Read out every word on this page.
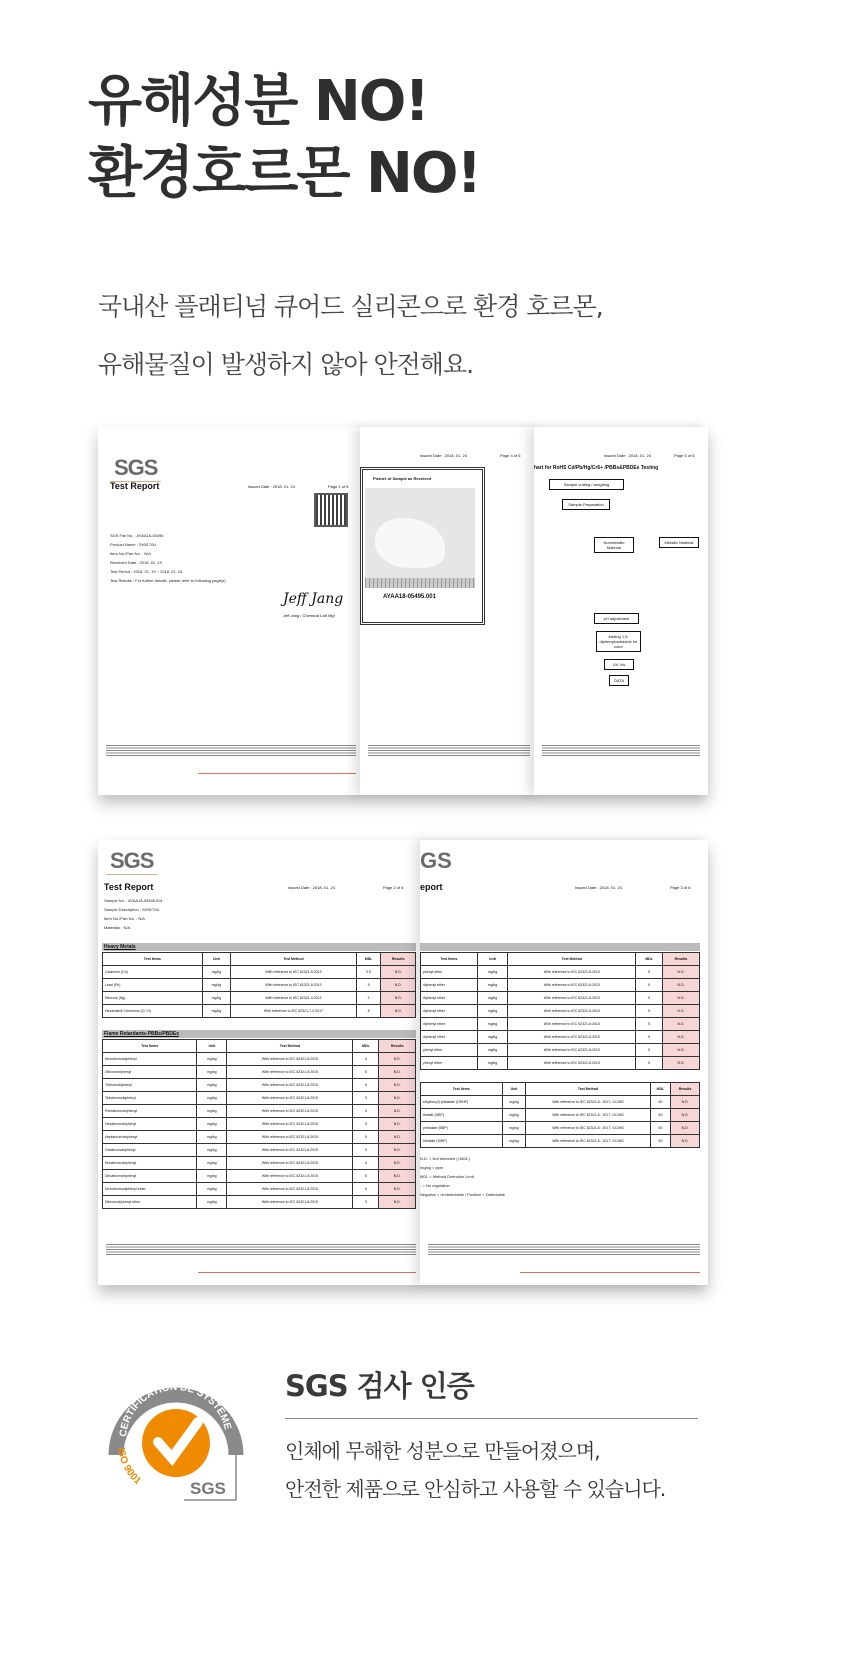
유해성분 NO!
환경호르몬 NO!
국내산 플래티넘 큐어드 실리콘으로 환경 호르몬,
유해물질이 발생하지 않아 안전해요.
SGS
Test Report	Issued Date : 2018. 01. 24	Page 1 of 6
SGS File No. : AYAA18-05495
Product Name : SH5170U
Item No./Part No. : N/A
Received Date : 2018. 01. 19
Test Period : 2018. 01. 19 ~ 2018. 01. 24
Test Results : For further details, please refer to following page(s)
Jeff Jang
Jeff Jang / Chemical Lab Mgr
Issued Date : 2018. 01. 24	Page 4 of 6
Picture of Sample as Received
AYAA18-05495.001
Issued Date : 2018. 01. 24	Page 5 of 6
hart for RoHS Cd/Pb/Hg/Cr6+ /PBBs&PBDEs Testing
Sample cutting / weighing
Sample Preparation
Nonmetallic Material
Metallic Material
pH adjustment
Adding 1,5-diphenylcarbazide for color
UV-Vis
DATA
SGS
Test Report	Issued Date : 2018. 01. 24	Page 2 of 6
Sample No. : AYAA18-05495.001
Sample Description : SH5170U
Item No./Part No. : N/A
Materials : N/A
Heavy Metals
Test Items	Unit	Test Method	MDL	Results
Cadmium (Cd)	mg/kg	With reference to IEC 62321-5:2013	0.5	N.D.
Lead (Pb)	mg/kg	With reference to IEC 62321-5:2013	5	N.D.
Mercury (Hg)	mg/kg	With reference to IEC 62321-4:2013	2	N.D.
Hexavalent Chromium (Cr VI)	mg/kg	With reference to IEC 62321-7-2:2017	8	N.D.
Flame Retardants-PBBs/PBDEs
Test Items	Unit	Test Method	MDL	Results
Monobromobiphenyl	mg/kg	With reference to IEC 62321-6:2015	5	N.D.
Dibromobiphenyl	mg/kg	With reference to IEC 62321-6:2015	5	N.D.
Tribromobiphenyl	mg/kg	With reference to IEC 62321-6:2015	5	N.D.
Tetrabromobiphenyl	mg/kg	With reference to IEC 62321-6:2015	5	N.D.
Pentabromobiphenyl	mg/kg	With reference to IEC 62321-6:2015	5	N.D.
Hexabromobiphenyl	mg/kg	With reference to IEC 62321-6:2015	5	N.D.
Heptabromobiphenyl	mg/kg	With reference to IEC 62321-6:2015	5	N.D.
Octabromobiphenyl	mg/kg	With reference to IEC 62321-6:2015	5	N.D.
Nonabromobiphenyl	mg/kg	With reference to IEC 62321-6:2015	5	N.D.
Decabromobiphenyl	mg/kg	With reference to IEC 62321-6:2015	5	N.D.
Monobromodiphenyl ether	mg/kg	With reference to IEC 62321-6:2015	5	N.D.
Dibromodiphenyl ether	mg/kg	With reference to IEC 62321-6:2015	5	N.D.
GS
eport	Issued Date : 2018. 01. 24	Page 3 of 6
Test Items	Unit	Test Method	MDL	Results
phenyl ether	mg/kg	With reference to IEC 62321-6:2015	5	N.D.
diphenyl ether	mg/kg	With reference to IEC 62321-6:2015	5	N.D.
diphenyl ether	mg/kg	With reference to IEC 62321-6:2015	5	N.D.
diphenyl ether	mg/kg	With reference to IEC 62321-6:2015	5	N.D.
diphenyl ether	mg/kg	With reference to IEC 62321-6:2015	5	N.D.
diphenyl ether	mg/kg	With reference to IEC 62321-6:2015	5	N.D.
phenyl ether	mg/kg	With reference to IEC 62321-6:2015	5	N.D.
phenyl ether	mg/kg	With reference to IEC 62321-6:2015	5	N.D.
Test Items	Unit	Test Method	MDL	Results
ethylhexyl) phthalate (DEHP)	mg/kg	With reference to IEC 62321-8 : 2017, GC/MS	50	N.D.
thalate (DBP)	mg/kg	With reference to IEC 62321-8 : 2017, GC/MS	50	N.D.
phthalate (BBP)	mg/kg	With reference to IEC 62321-8 : 2017, GC/MS	50	N.D.
hthalate (DIBP)	mg/kg	With reference to IEC 62321-8 : 2017, GC/MS	50	N.D.
N.D. = Not detected (<MDL)
mg/kg = ppm
MDL = Method Detection Limit
- = No regulation
Negative = Undetectable / Positive = Detectable
CERTIFICATION DE SYSTÈME
ISO 9001	SGS
SGS 검사 인증
인체에 무해한 성분으로 만들어졌으며,
안전한 제품으로 안심하고 사용할 수 있습니다.
